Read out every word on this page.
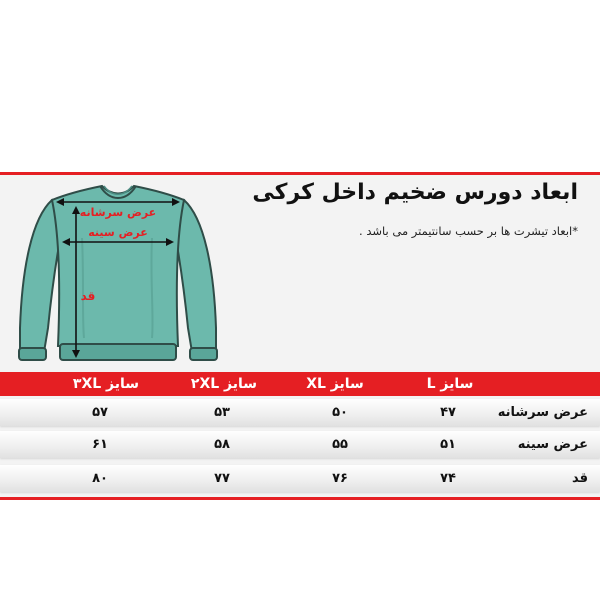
ابعاد دورس ضخیم داخل کرکی
*ابعاد تیشرت ها بر حسب سانتیمتر می باشد .
عرض سرشانه
عرض سینه
قد
سایز L
سایز XL
سایز ۲XL
سایز ۳XL
عرض سرشانه
۴۷
۵۰
۵۳
۵۷
عرض سینه
۵۱
۵۵
۵۸
۶۱
قد
۷۴
۷۶
۷۷
۸۰
